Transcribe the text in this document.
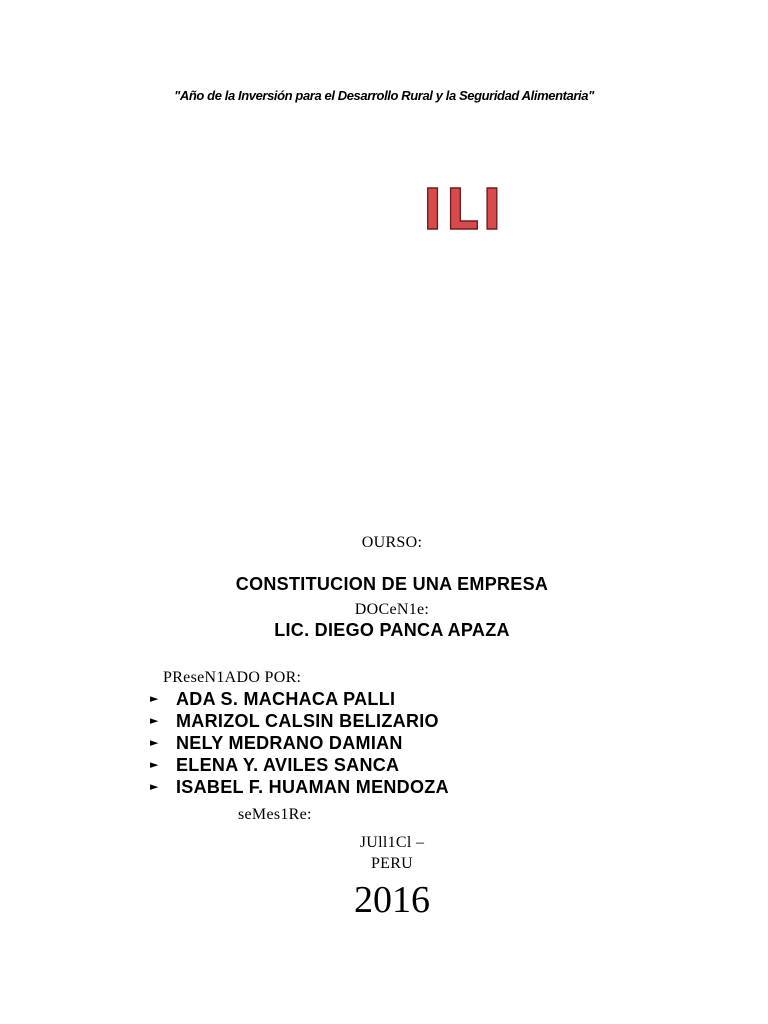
"Año de la Inversión para el Desarrollo Rural y la Seguridad Alimentaria"
ILI
OURSO:
CONSTITUCION DE UNA EMPRESA
DOCeN1e:
LIC. DIEGO PANCA APAZA
PReseN1ADO POR:
► ADA S. MACHACA PALLI
► MARIZOL CALSIN BELIZARIO
► NELY MEDRANO DAMIAN
► ELENA Y. AVILES SANCA
► ISABEL F. HUAMAN MENDOZA
seMes1Re:
JUll1Cl –
PERU
2016
